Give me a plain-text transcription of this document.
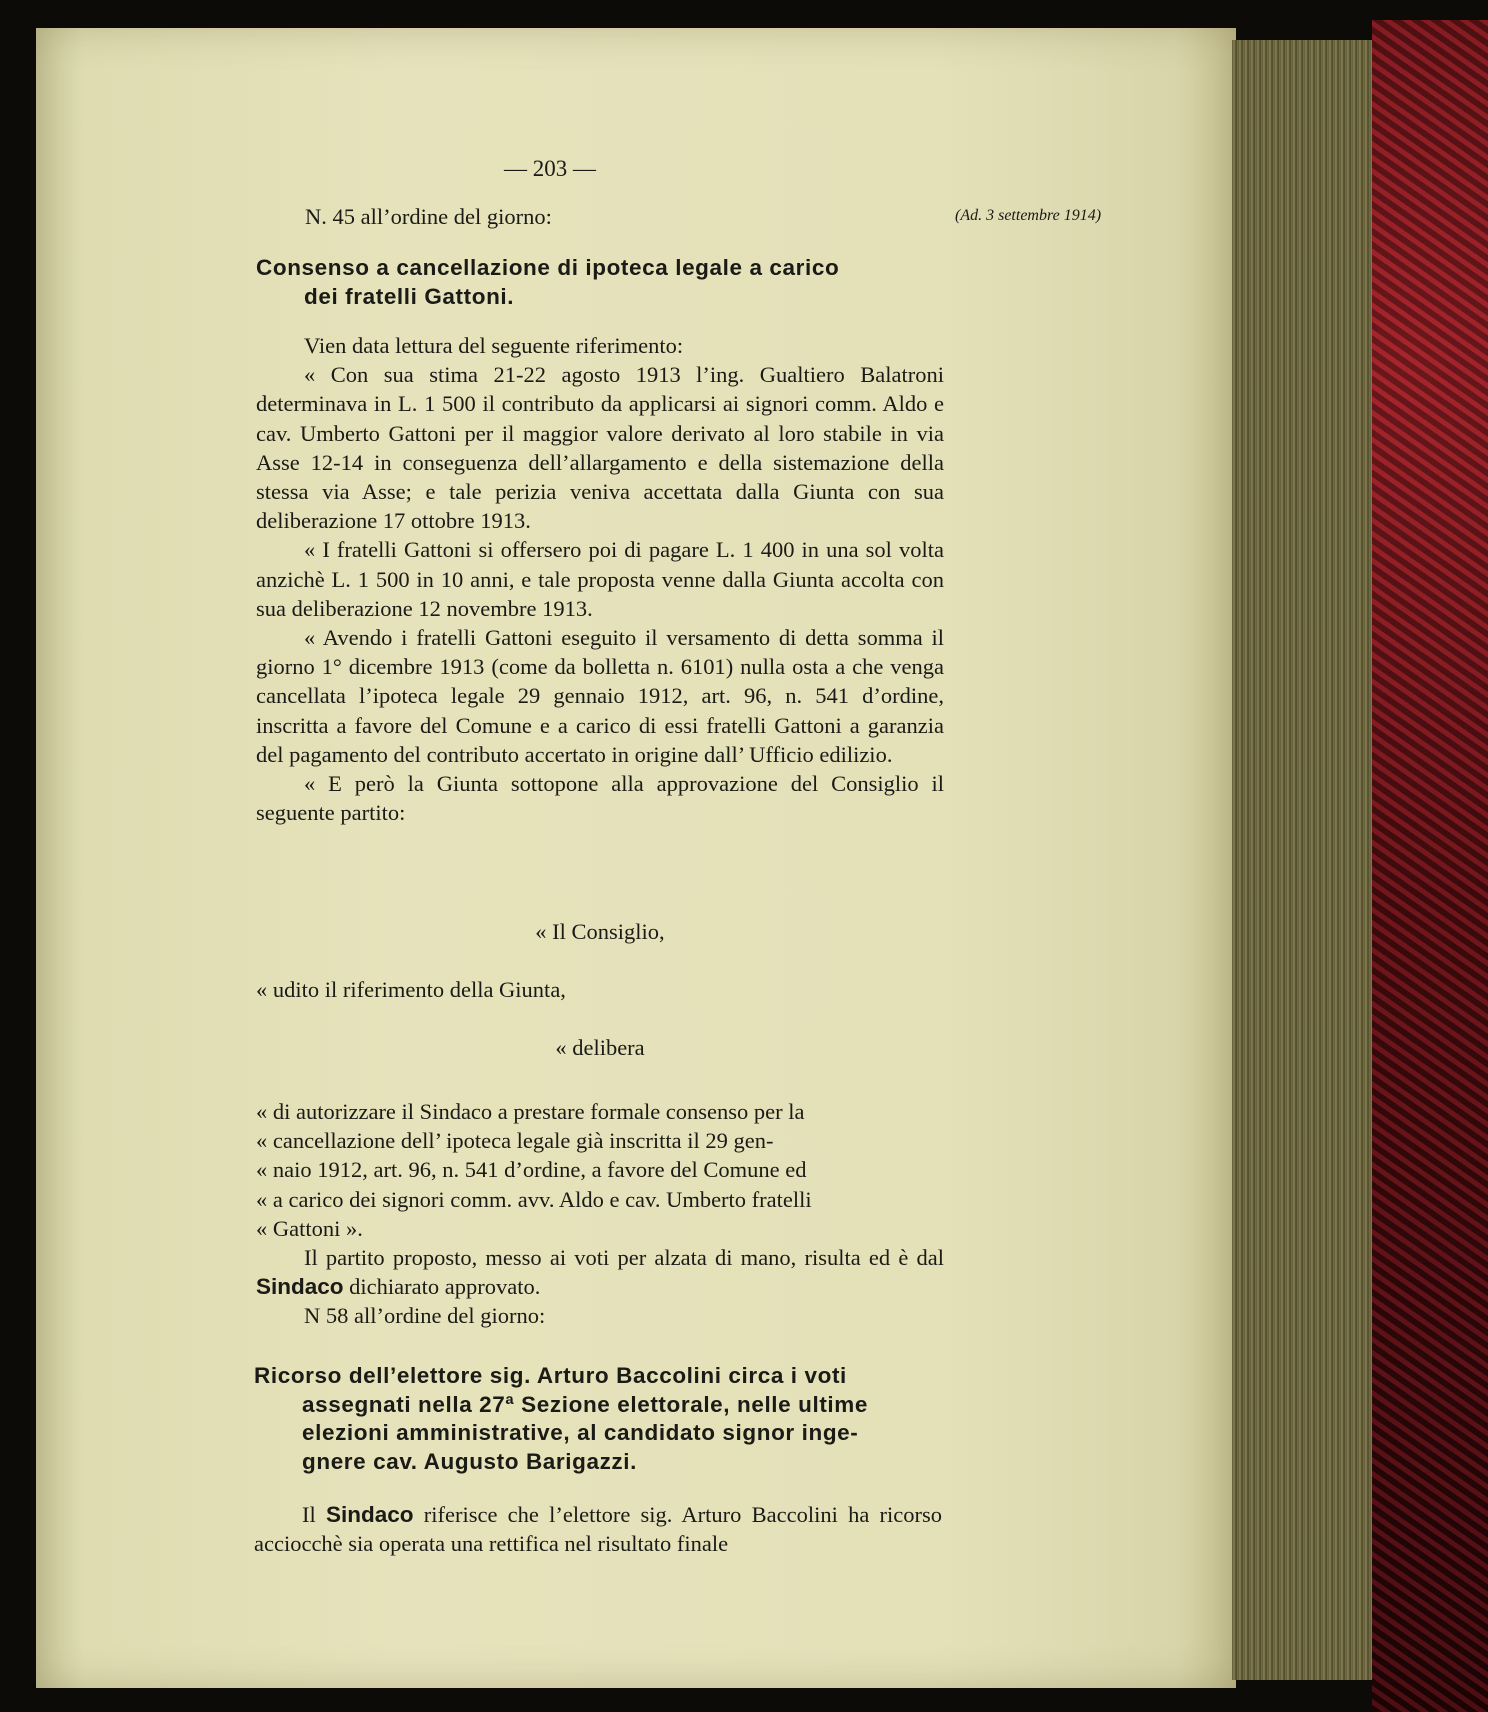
— 203 —
N. 45 all’ordine del giorno:	(Ad. 3 settembre 1914)
Consenso a cancellazione di ipoteca legale a carico
dei fratelli Gattoni.

Vien data lettura del seguente riferimento:

« Con sua stima 21-22 agosto 1913 l’ing. Gualtiero Balatroni determinava in L. 1 500 il contributo da applicarsi ai signori comm. Aldo e cav. Umberto Gattoni per il maggior valore derivato al loro stabile in via Asse 12-14 in conseguenza dell’allargamento e della sistemazione della stessa via Asse; e tale perizia veniva accettata dalla Giunta con sua deliberazione 17 ottobre 1913.

« I fratelli Gattoni si offersero poi di pagare L. 1 400 in una sol volta anzichè L. 1 500 in 10 anni, e tale proposta venne dalla Giunta accolta con sua deliberazione 12 novembre 1913.

« Avendo i fratelli Gattoni eseguito il versamento di detta somma il giorno 1° dicembre 1913 (come da bolletta n. 6101) nulla osta a che venga cancellata l’ipoteca legale 29 gennaio 1912, art. 96, n. 541 d’ordine, inscritta a favore del Comune e a carico di essi fratelli Gattoni a garanzia del pagamento del contributo accertato in origine dall’ Ufficio edilizio.

« E però la Giunta sottopone alla approvazione del Consiglio il seguente partito:

« Il Consiglio,

« udito il riferimento della Giunta,

« delibera

« di autorizzare il Sindaco a prestare formale consenso per la

« cancellazione dell’ ipoteca legale già inscritta il 29 gen-

« naio 1912, art. 96, n. 541 d’ordine, a favore del Comune ed

« a carico dei signori comm. avv. Aldo e cav. Umberto fratelli

« Gattoni ».

Il partito proposto, messo ai voti per alzata di mano, risulta ed è dal Sindaco dichiarato approvato.

N 58 all’ordine del giorno:

Ricorso dell’elettore sig. Arturo Baccolini circa i voti
assegnati nella 27ª Sezione elettorale, nelle ultime
elezioni amministrative, al candidato signor inge-
gnere cav. Augusto Barigazzi.

Il Sindaco riferisce che l’elettore sig. Arturo Baccolini ha ricorso acciocchè sia operata una rettifica nel risultato finale
